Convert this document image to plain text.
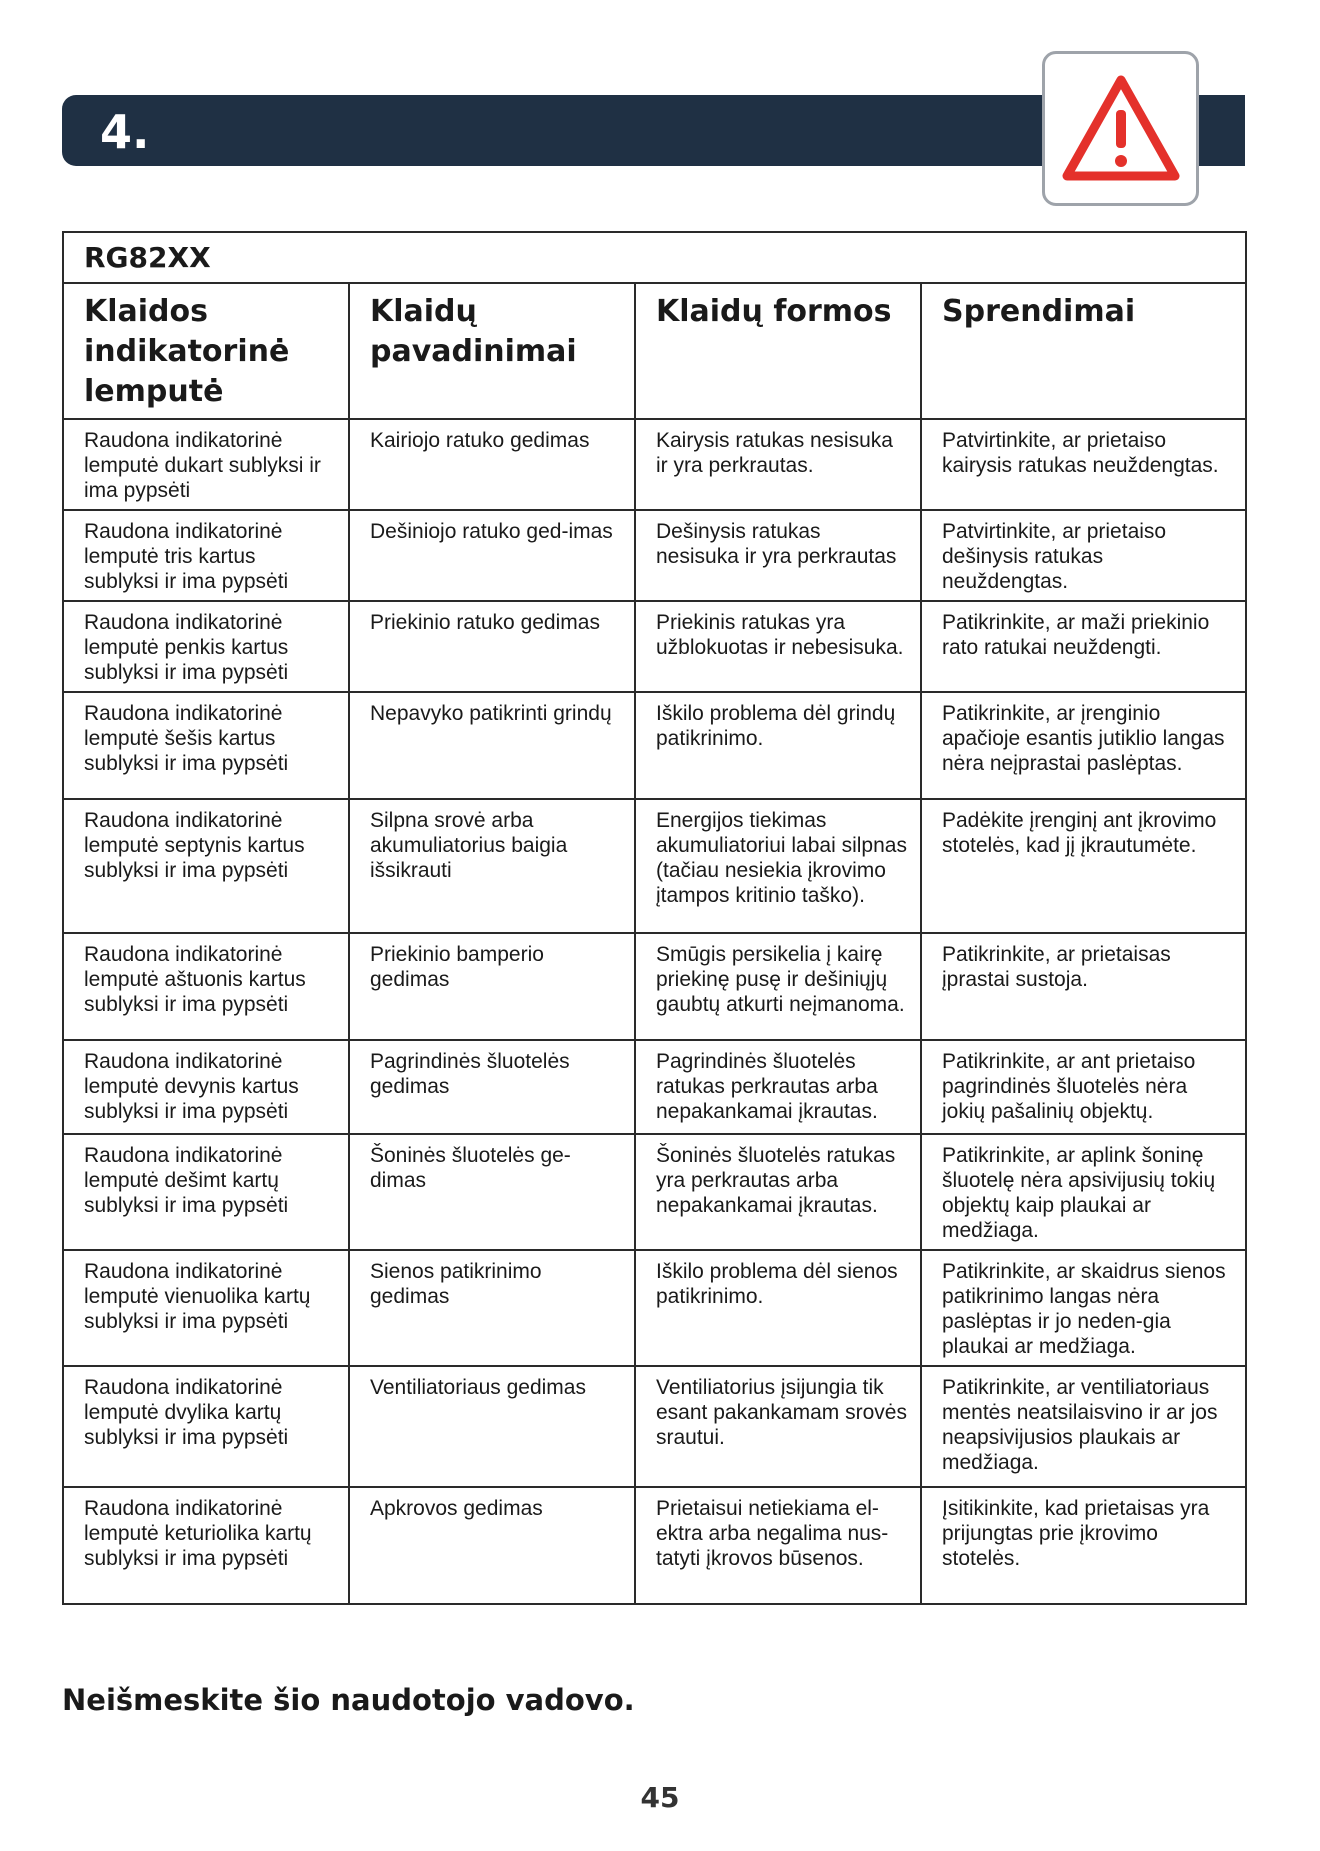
4.
RG82XX			
Klaidos indikatorinė lemputė	Klaidų pavadinimai	Klaidų formos	Sprendimai
Raudona indikatorinė lemputė dukart sublyksi ir ima pypsėti	Kairiojo ratuko gedimas	Kairysis ratukas nesisuka ir yra perkrautas.	Patvirtinkite, ar prietaiso kairysis ratukas neuždengtas.
Raudona indikatorinė lemputė tris kartus sublyksi ir ima pypsėti	Dešiniojo ratuko ged-imas	Dešinysis ratukas nesisuka ir yra perkrautas	Patvirtinkite, ar prietaiso dešinysis ratukas neuždengtas.
Raudona indikatorinė lemputė penkis kartus sublyksi ir ima pypsėti	Priekinio ratuko gedimas	Priekinis ratukas yra užblokuotas ir nebesisuka.	Patikrinkite, ar maži priekinio rato ratukai neuždengti.
Raudona indikatorinė lemputė šešis kartus sublyksi ir ima pypsėti	Nepavyko patikrinti grindų	Iškilo problema dėl grindų patikrinimo.	Patikrinkite, ar įrenginio apačioje esantis jutiklio langas nėra neįprastai paslėptas.
Raudona indikatorinė lemputė septynis kartus sublyksi ir ima pypsėti	Silpna srovė arba akumuliatorius baigia išsikrauti	Energijos tiekimas akumuliatoriui labai silpnas (tačiau nesiekia įkrovimo įtampos kritinio taško).	Padėkite įrenginį ant įkrovimo stotelės, kad jį įkrautumėte.
Raudona indikatorinė lemputė aštuonis kartus sublyksi ir ima pypsėti	Priekinio bamperio gedimas	Smūgis persikelia į kairę priekinę pusę ir dešiniųjų gaubtų atkurti neįmanoma.	Patikrinkite, ar prietaisas įprastai sustoja.
Raudona indikatorinė lemputė devynis kartus sublyksi ir ima pypsėti	Pagrindinės šluotelės gedimas	Pagrindinės šluotelės ratukas perkrautas arba nepakankamai įkrautas.	Patikrinkite, ar ant prietaiso pagrindinės šluotelės nėra jokių pašalinių objektų.
Raudona indikatorinė lemputė dešimt kartų sublyksi ir ima pypsėti	Šoninės šluotelės ge-dimas	Šoninės šluotelės ratukas yra perkrautas arba nepakankamai įkrautas.	Patikrinkite, ar aplink šoninę šluotelę nėra apsivijusių tokių objektų kaip plaukai ar medžiaga.
Raudona indikatorinė lemputė vienuolika kartų sublyksi ir ima pypsėti	Sienos patikrinimo gedimas	Iškilo problema dėl sienos patikrinimo.	Patikrinkite, ar skaidrus sienos patikrinimo langas nėra paslėptas ir jo neden-gia plaukai ar medžiaga.
Raudona indikatorinė lemputė dvylika kartų sublyksi ir ima pypsėti	Ventiliatoriaus gedimas	Ventiliatorius įsijungia tik esant pakankamam srovės srautui.	Patikrinkite, ar ventiliatoriaus mentės neatsilaisvino ir ar jos neapsivijusios plaukais ar medžiaga.
Raudona indikatorinė lemputė keturiolika kartų sublyksi ir ima pypsėti	Apkrovos gedimas	Prietaisui netiekiama el-ektra arba negalima nus-tatyti įkrovos būsenos.	Įsitikinkite, kad prietaisas yra prijungtas prie įkrovimo stotelės.
Neišmeskite šio naudotojo vadovo.
45
